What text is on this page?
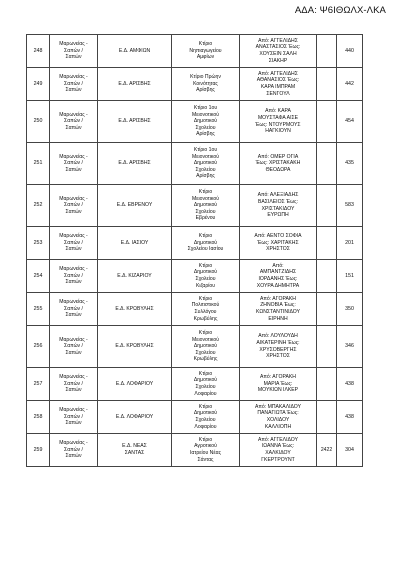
ΑΔΑ: Ψ6ΙΘΩΛΧ-ΛΚΑ
248	Μαρωνείας -
Σαπών /
Σαπών	Ε.Δ. ΑΜΦΙΩΝ	Κτίριο
Νηπιαγωγείου
Αμφίων	Από: ΑΓΓΕΛΙΔΗΣ
ΑΝΑΣΤΑΣΙΟΣ Έως:
ΧΟΥΣΕΙΝ ΣΑΛΗ
ΣΙΑΚΗΡ		440
249	Μαρωνείας -
Σαπών /
Σαπών	Ε.Δ. ΑΡΙΣΒΗΣ	Κτίριο Πρώην
Κοινότητας
Αρίσβης	Από: ΑΓΓΕΛΙΔΗΣ
ΑΘΑΝΑΣΙΟΣ Έως:
ΚΑΡΑ ΙΜΠΡΑΜ
ΣΕΝΓΟΥΛ		442
250	Μαρωνείας -
Σαπών /
Σαπών	Ε.Δ. ΑΡΙΣΒΗΣ	Κτίριο 1ου
Μειονοτικού
Δημοτικού
Σχολείου
Αρίσβης	Από: ΚΑΡΑ
ΜΟΥΣΤΑΦΑ ΑΙΣΕ
Έως: ΝΤΟΥΡΜΟΥΣ
ΗΑΓΚΙΟΥΝ		454
251	Μαρωνείας -
Σαπών /
Σαπών	Ε.Δ. ΑΡΙΣΒΗΣ	Κτίριο 1ου
Μειονοτικού
Δημοτικού
Σχολείου
Αρίσβης	Από: ΟΜΕΡ ΟΓΙΑ
Έως: ΧΡΙΣΤΑΚΑΚΗ
ΘΕΟΔΩΡΑ		435
252	Μαρωνείας -
Σαπών /
Σαπών	Ε.Δ. ΕΒΡΕΝΟΥ	Κτίριο
Μειονοτικού
Δημοτικού
Σχολείου
Εβρένου	Από: ΑΛΕΞΙΑΔΗΣ
ΒΑΣΙΛΕΙΟΣ Έως:
ΧΡΙΣΤΑΚΙΔΟΥ
ΕΥΡΩΠΗ		583
253	Μαρωνείας -
Σαπών /
Σαπών	Ε.Δ. ΙΑΣΙΟΥ	Κτίριο
Δημοτικού
Σχολείου Ιασίου	Από: ΑΕΝΤΟ ΣΟΦΙΑ
Έως: ΧΑΡΙΤΑΚΗΣ
ΧΡΗΣΤΟΣ		201
254	Μαρωνείας -
Σαπών /
Σαπών	Ε.Δ. ΚΙΖΑΡΙΟΥ	Κτίριο
Δημοτικού
Σχολείου
Κιζαρίου	Από:
ΑΜΠΑΝΤΖΙΔΗΣ
ΙΟΡΔΑΝΗΣ Έως:
ΧΟΥΡΑ ΔΗΜΗΤΡΑ		151
255	Μαρωνείας -
Σαπών /
Σαπών	Ε.Δ. ΚΡΩΒΥΛΗΣ	Κτίριο
Πολιτιστικού
Συλλόγου
Κρωβύλης	Από: ΑΓΟΡΑΚΗ
ΖΗΝΟΒΙΑ Έως:
ΚΩΝΣΤΑΝΤΙΝΙΔΟΥ
ΕΙΡΗΝΗ		350
256	Μαρωνείας -
Σαπών /
Σαπών	Ε.Δ. ΚΡΩΒΥΛΗΣ	Κτίριο
Μειονοτικού
Δημοτικού
Σχολείου
Κρωβύλης	Από: ΛΟΥΛΟΥΔΗ
ΑΙΚΑΤΕΡΙΝΗ Έως:
ΧΡΥΣΟΒΕΡΓΗΣ
ΧΡΗΣΤΟΣ		346
257	Μαρωνείας -
Σαπών /
Σαπών	Ε.Δ. ΛΟΦΑΡΙΟΥ	Κτίριο
Δημοτικού
Σχολείου
Λοφαρίου	Από: ΑΓΟΡΑΚΗ
ΜΑΡΙΑ Έως:
ΜΟΥΚΙΩΝ ΙΛΚΕΡ		438
258	Μαρωνείας -
Σαπών /
Σαπών	Ε.Δ. ΛΟΦΑΡΙΟΥ	Κτίριο
Δημοτικού
Σχολείου
Λοφαρίου	Από: ΜΠΑΚΑΛΙΔΟΥ
ΠΑΝΑΓΙΩΤΑ Έως:
ΧΟΛΙΔΟΥ
ΚΑΛΛΙΟΠΗ		438
259	Μαρωνείας -
Σαπών /
Σαπών	Ε.Δ. ΝΕΑΣ
ΣΑΝΤΑΣ	Κτίριο
Αγροτικού
Ιατρείου Νέας
Σάντας	Από: ΑΓΓΕΛΙΔΟΥ
ΙΩΑΝΝΑ Έως:
ΧΑΛΚΙΔΟΥ
ΓΚΕΡΤΡΟΥΝΤ	2422	304
